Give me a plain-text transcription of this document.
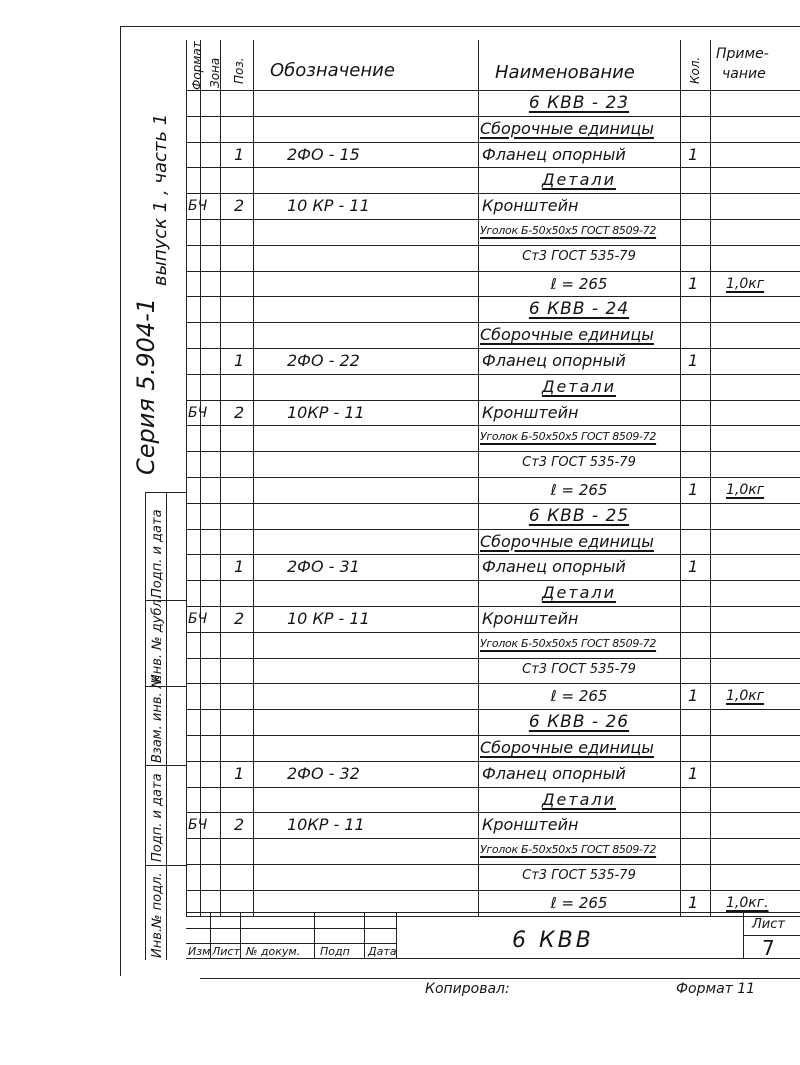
Серия 5.904-1
выпуск 1 , часть 1
Подп. и дата
Инв. № дубл.
Взам. инв. №
Подп. и дата
Инв.№ подл.
6 КВВ - 23
Сборочные единицы
1	2ФО - 15	Фланец опорный	1
Детали
БЧ 2	10 КР - 11	Кронштейн
Уголок Б-50х50х5 ГОСТ 8509-72
Ст3 ГОСТ 535-79
ℓ = 265	1 1,0кг
6 КВВ - 24
Сборочные единицы
1	2ФО - 22	Фланец опорный	1
Детали
БЧ 2	10КР - 11	Кронштейн
Уголок Б-50х50х5 ГОСТ 8509-72
Ст3 ГОСТ 535-79
ℓ = 265	1 1,0кг
6 КВВ - 25
Сборочные единицы
1	2ФО - 31	Фланец опорный	1
Детали
БЧ 2	10 КР - 11	Кронштейн
Уголок Б-50х50х5 ГОСТ 8509-72
Ст3 ГОСТ 535-79
ℓ = 265	1 1,0кг
6 КВВ - 26
Сборочные единицы
1	2ФО - 32	Фланец опорный	1
Детали
БЧ 2	10КР - 11	Кронштейн
Уголок Б-50х50х5 ГОСТ 8509-72
Ст3 ГОСТ 535-79
ℓ = 265	1 1,0кг.
Формат Зона Поз. Обозначение	Наименование	Кол.
Приме-
чание
Изм Лист № докум. Подп Дата	6 КВВ
Лист
7
Копировал:	Формат 11
